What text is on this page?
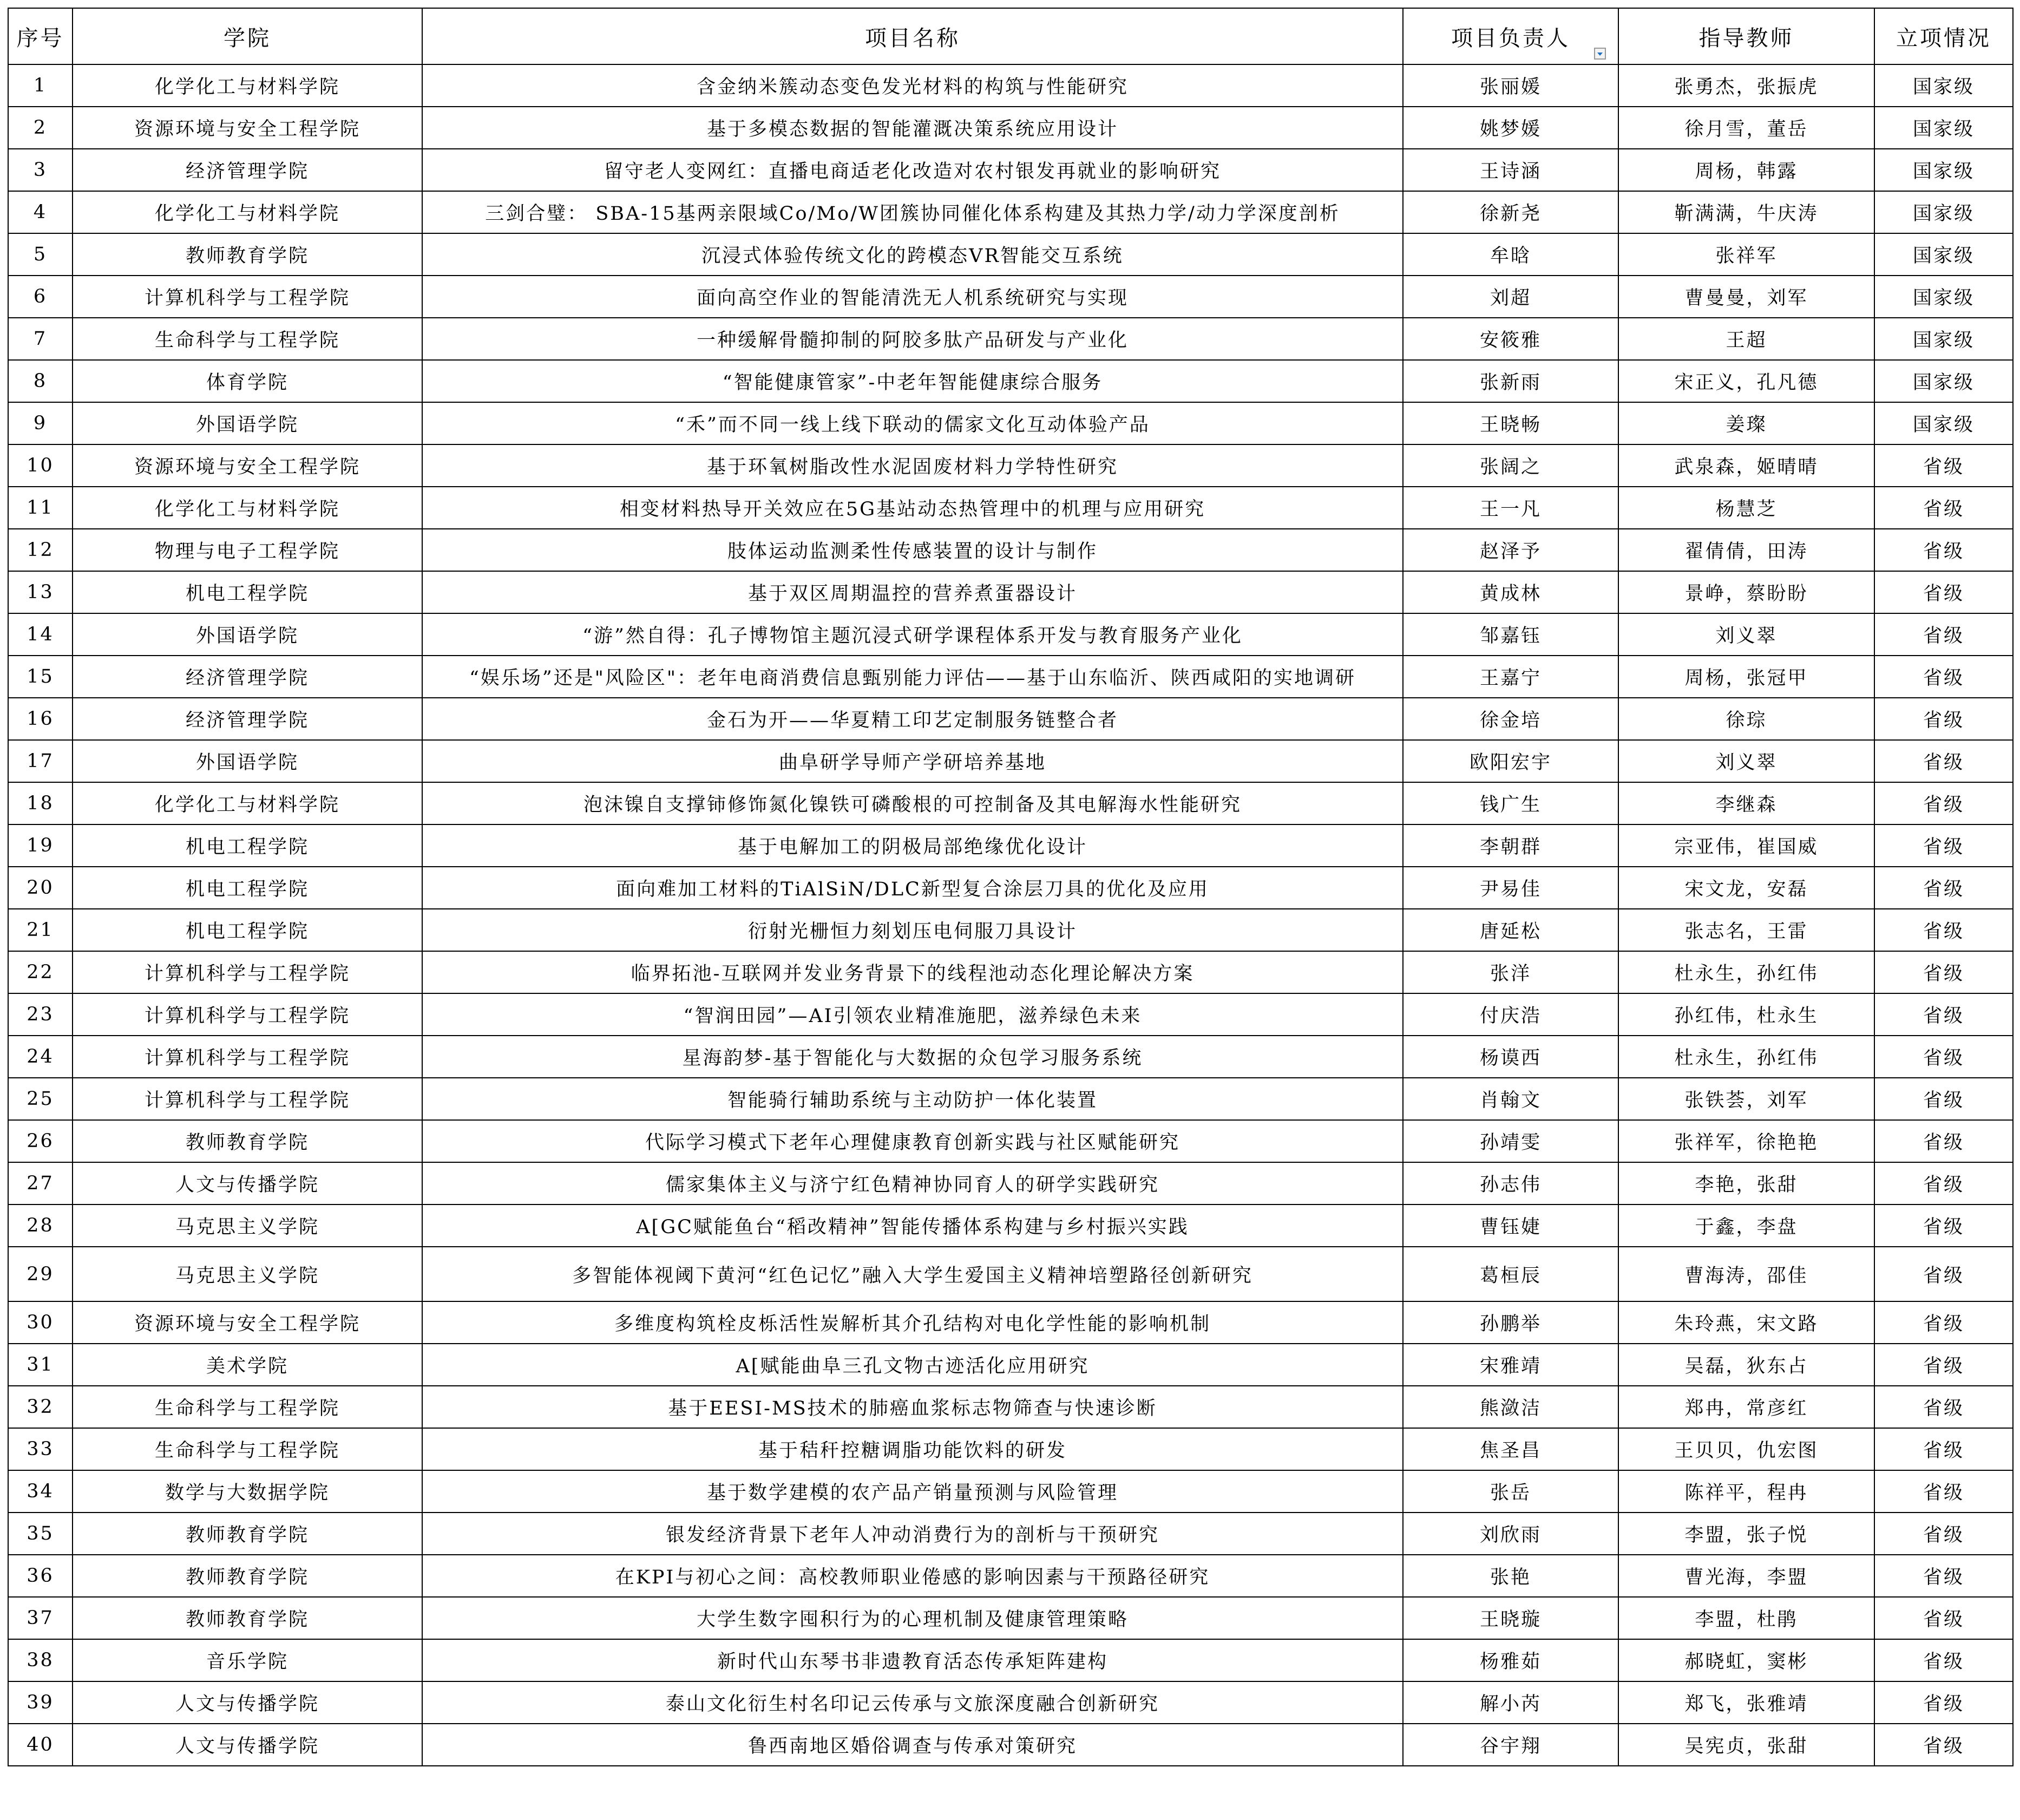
序号	学院	项目名称	项目负责人	指导教师	立项情况
1	化学化工与材料学院	含金纳米簇动态变色发光材料的构筑与性能研究	张丽媛	张勇杰，张振虎	国家级
2	资源环境与安全工程学院	基于多模态数据的智能灌溉决策系统应用设计	姚梦媛	徐月雪，董岳	国家级
3	经济管理学院	留守老人变网红：直播电商适老化改造对农村银发再就业的影响研究	王诗涵	周杨，韩露	国家级
4	化学化工与材料学院	三剑合璧： SBA-15基两亲限域Co/Mo/W团簇协同催化体系构建及其热力学/动力学深度剖析	徐新尧	靳满满，牛庆涛	国家级
5	教师教育学院	沉浸式体验传统文化的跨模态VR智能交互系统	牟晗	张祥军	国家级
6	计算机科学与工程学院	面向高空作业的智能清洗无人机系统研究与实现	刘超	曹曼曼，刘军	国家级
7	生命科学与工程学院	一种缓解骨髓抑制的阿胶多肽产品研发与产业化	安筱雅	王超	国家级
8	体育学院	“智能健康管家”-中老年智能健康综合服务	张新雨	宋正义，孔凡德	国家级
9	外国语学院	“禾”而不同一线上线下联动的儒家文化互动体验产品	王晓畅	姜璨	国家级
10	资源环境与安全工程学院	基于环氧树脂改性水泥固废材料力学特性研究	张阔之	武泉森，姬晴晴	省级
11	化学化工与材料学院	相变材料热导开关效应在5G基站动态热管理中的机理与应用研究	王一凡	杨慧芝	省级
12	物理与电子工程学院	肢体运动监测柔性传感装置的设计与制作	赵泽予	翟倩倩，田涛	省级
13	机电工程学院	基于双区周期温控的营养煮蛋器设计	黄成林	景峥，蔡盼盼	省级
14	外国语学院	“游”然自得：孔子博物馆主题沉浸式研学课程体系开发与教育服务产业化	邹嘉钰	刘义翠	省级
15	经济管理学院	“娱乐场”还是"风险区"：老年电商消费信息甄别能力评估——基于山东临沂、陕西咸阳的实地调研	王嘉宁	周杨，张冠甲	省级
16	经济管理学院	金石为开——华夏精工印艺定制服务链整合者	徐金培	徐琮	省级
17	外国语学院	曲阜研学导师产学研培养基地	欧阳宏宇	刘义翠	省级
18	化学化工与材料学院	泡沫镍自支撑铈修饰氮化镍铁可磷酸根的可控制备及其电解海水性能研究	钱广生	李继森	省级
19	机电工程学院	基于电解加工的阴极局部绝缘优化设计	李朝群	宗亚伟，崔国威	省级
20	机电工程学院	面向难加工材料的TiAlSiN/DLC新型复合涂层刀具的优化及应用	尹易佳	宋文龙，安磊	省级
21	机电工程学院	衍射光栅恒力刻划压电伺服刀具设计	唐延松	张志名，王雷	省级
22	计算机科学与工程学院	临界拓池-互联网并发业务背景下的线程池动态化理论解决方案	张洋	杜永生，孙红伟	省级
23	计算机科学与工程学院	“智润田园”—AI引领农业精准施肥，滋养绿色未来	付庆浩	孙红伟，杜永生	省级
24	计算机科学与工程学院	星海韵梦-基于智能化与大数据的众包学习服务系统	杨谟西	杜永生，孙红伟	省级
25	计算机科学与工程学院	智能骑行辅助系统与主动防护一体化装置	肖翰文	张铁荟，刘军	省级
26	教师教育学院	代际学习模式下老年心理健康教育创新实践与社区赋能研究	孙靖雯	张祥军，徐艳艳	省级
27	人文与传播学院	儒家集体主义与济宁红色精神协同育人的研学实践研究	孙志伟	李艳，张甜	省级
28	马克思主义学院	A[GC赋能鱼台“稻改精神”智能传播体系构建与乡村振兴实践	曹钰婕	于鑫，李盘	省级
29	马克思主义学院	多智能体视阈下黄河“红色记忆”融入大学生爱国主义精神培塑路径创新研究	葛桓辰	曹海涛，邵佳	省级
30	资源环境与安全工程学院	多维度构筑栓皮栎活性炭解析其介孔结构对电化学性能的影响机制	孙鹏举	朱玲燕，宋文路	省级
31	美术学院	A[赋能曲阜三孔文物古迹活化应用研究	宋雅靖	吴磊，狄东占	省级
32	生命科学与工程学院	基于EESI-MS技术的肺癌血浆标志物筛查与快速诊断	熊潋洁	郑冉，常彦红	省级
33	生命科学与工程学院	基于秸秆控糖调脂功能饮料的研发	焦圣昌	王贝贝，仇宏图	省级
34	数学与大数据学院	基于数学建模的农产品产销量预测与风险管理	张岳	陈祥平，程冉	省级
35	教师教育学院	银发经济背景下老年人冲动消费行为的剖析与干预研究	刘欣雨	李盟，张子悦	省级
36	教师教育学院	在KPI与初心之间：高校教师职业倦感的影响因素与干预路径研究	张艳	曹光海，李盟	省级
37	教师教育学院	大学生数字囤积行为的心理机制及健康管理策略	王晓璇	李盟，杜鹃	省级
38	音乐学院	新时代山东琴书非遗教育活态传承矩阵建构	杨雅茹	郝晓虹，窦彬	省级
39	人文与传播学院	泰山文化衍生村名印记云传承与文旅深度融合创新研究	解小芮	郑飞，张雅靖	省级
40	人文与传播学院	鲁西南地区婚俗调查与传承对策研究	谷宇翔	吴宪贞，张甜	省级
